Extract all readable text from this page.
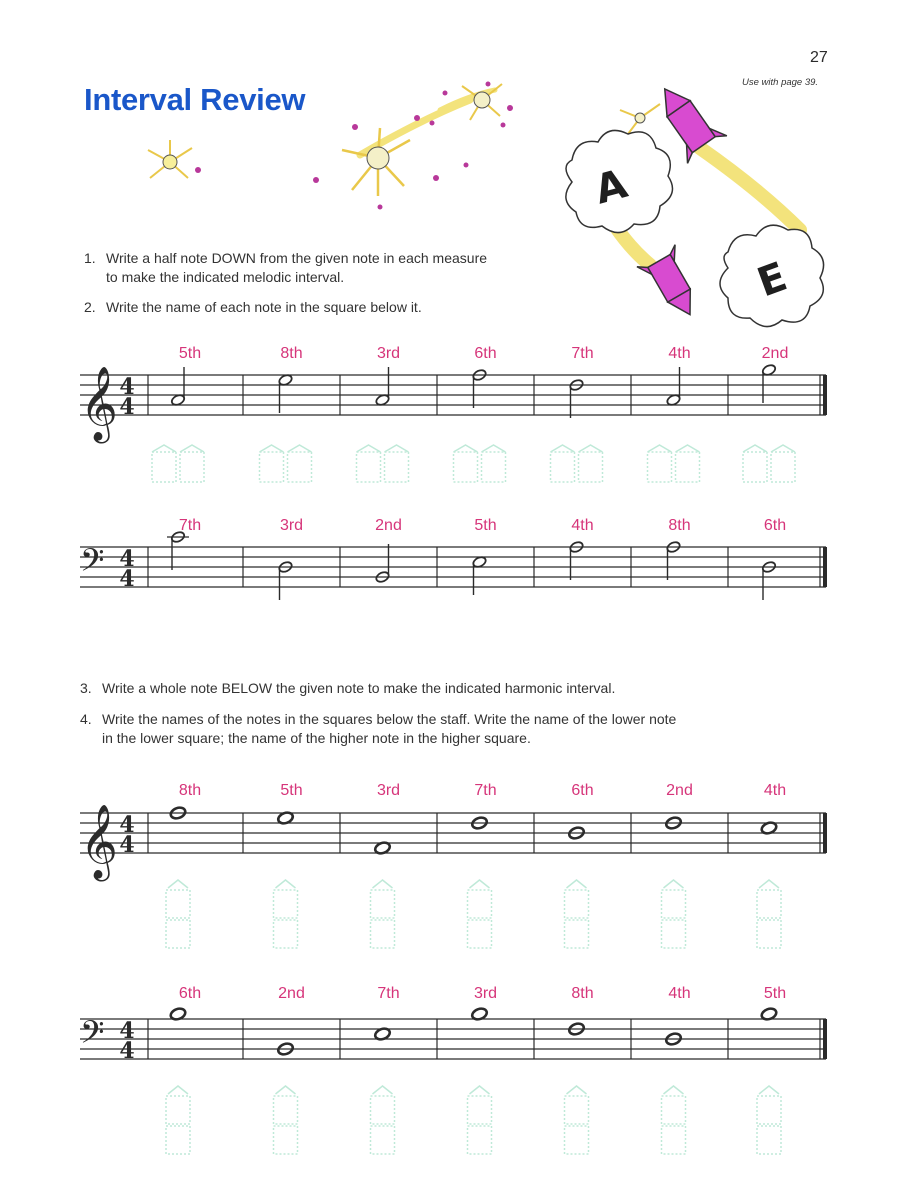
27
Use with page 39.
Interval Review
A
E
1. Write a half note DOWN from the given note in each measure
to make the indicated melodic interval.
2. Write the name of each note in the square below it.
3. Write a whole note BELOW the given note to make the indicated harmonic interval.
4. Write the names of the notes in the squares below the staff. Write the name of the lower note
in the lower square; the name of the higher note in the higher square.
𝄞 4
4
5th	8th	3rd	6th	7th	4th	2nd
𝄢 4
4
7th	3rd	2nd	5th	4th	8th	6th
𝄞 4
4
8th	5th	3rd	7th	6th	2nd	4th
𝄢 4
4
6th	2nd	7th	3rd	8th	4th	5th
